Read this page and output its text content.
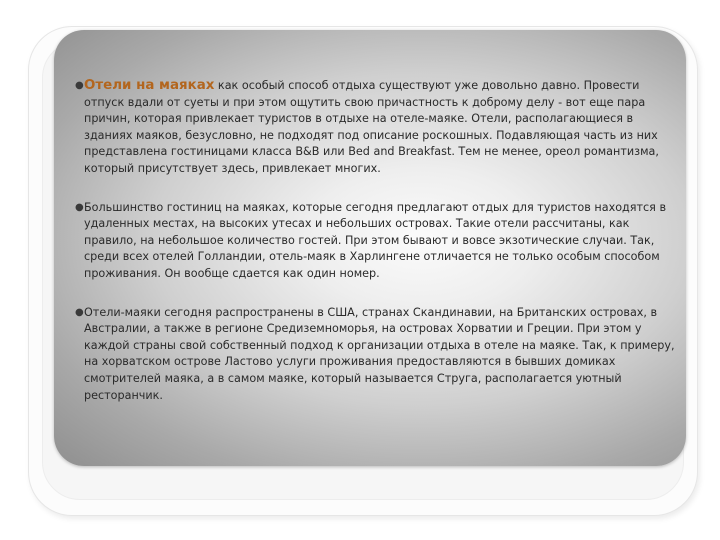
● Отели на маяках как особый способ отдыха существуют уже довольно давно. Провести отпуск вдали от суеты и при этом ощутить свою причастность к доброму делу - вот еще пара причин, которая привлекает туристов в отдыхе на отеле-маяке. Отели, располагающиеся в зданиях маяков, безусловно, не подходят под описание роскошных. Подавляющая часть из них представлена гостиницами класса B&B или Bed and Breakfast. Тем не менее, ореол романтизма, который присутствует здесь, привлекает многих.

● Большинство гостиниц на маяках, которые сегодня предлагают отдых для туристов находятся в удаленных местах, на высоких утесах и небольших островах. Такие отели рассчитаны, как правило, на небольшое количество гостей. При этом бывают и вовсе экзотические случаи. Так, среди всех отелей Голландии, отель-маяк в Харлингене отличается не только особым способом проживания. Он вообще сдается как один номер.

● Отели-маяки сегодня распространены в США, странах Скандинавии, на Британских островах, в Австралии, а также в регионе Средиземноморья, на островах Хорватии и Греции. При этом у каждой страны свой собственный подход к организации отдыха в отеле на маяке. Так, к примеру, на хорватском острове Ластово услуги проживания предоставляются в бывших домиках смотрителей маяка, а в самом маяке, который называется Струга, располагается уютный ресторанчик.
